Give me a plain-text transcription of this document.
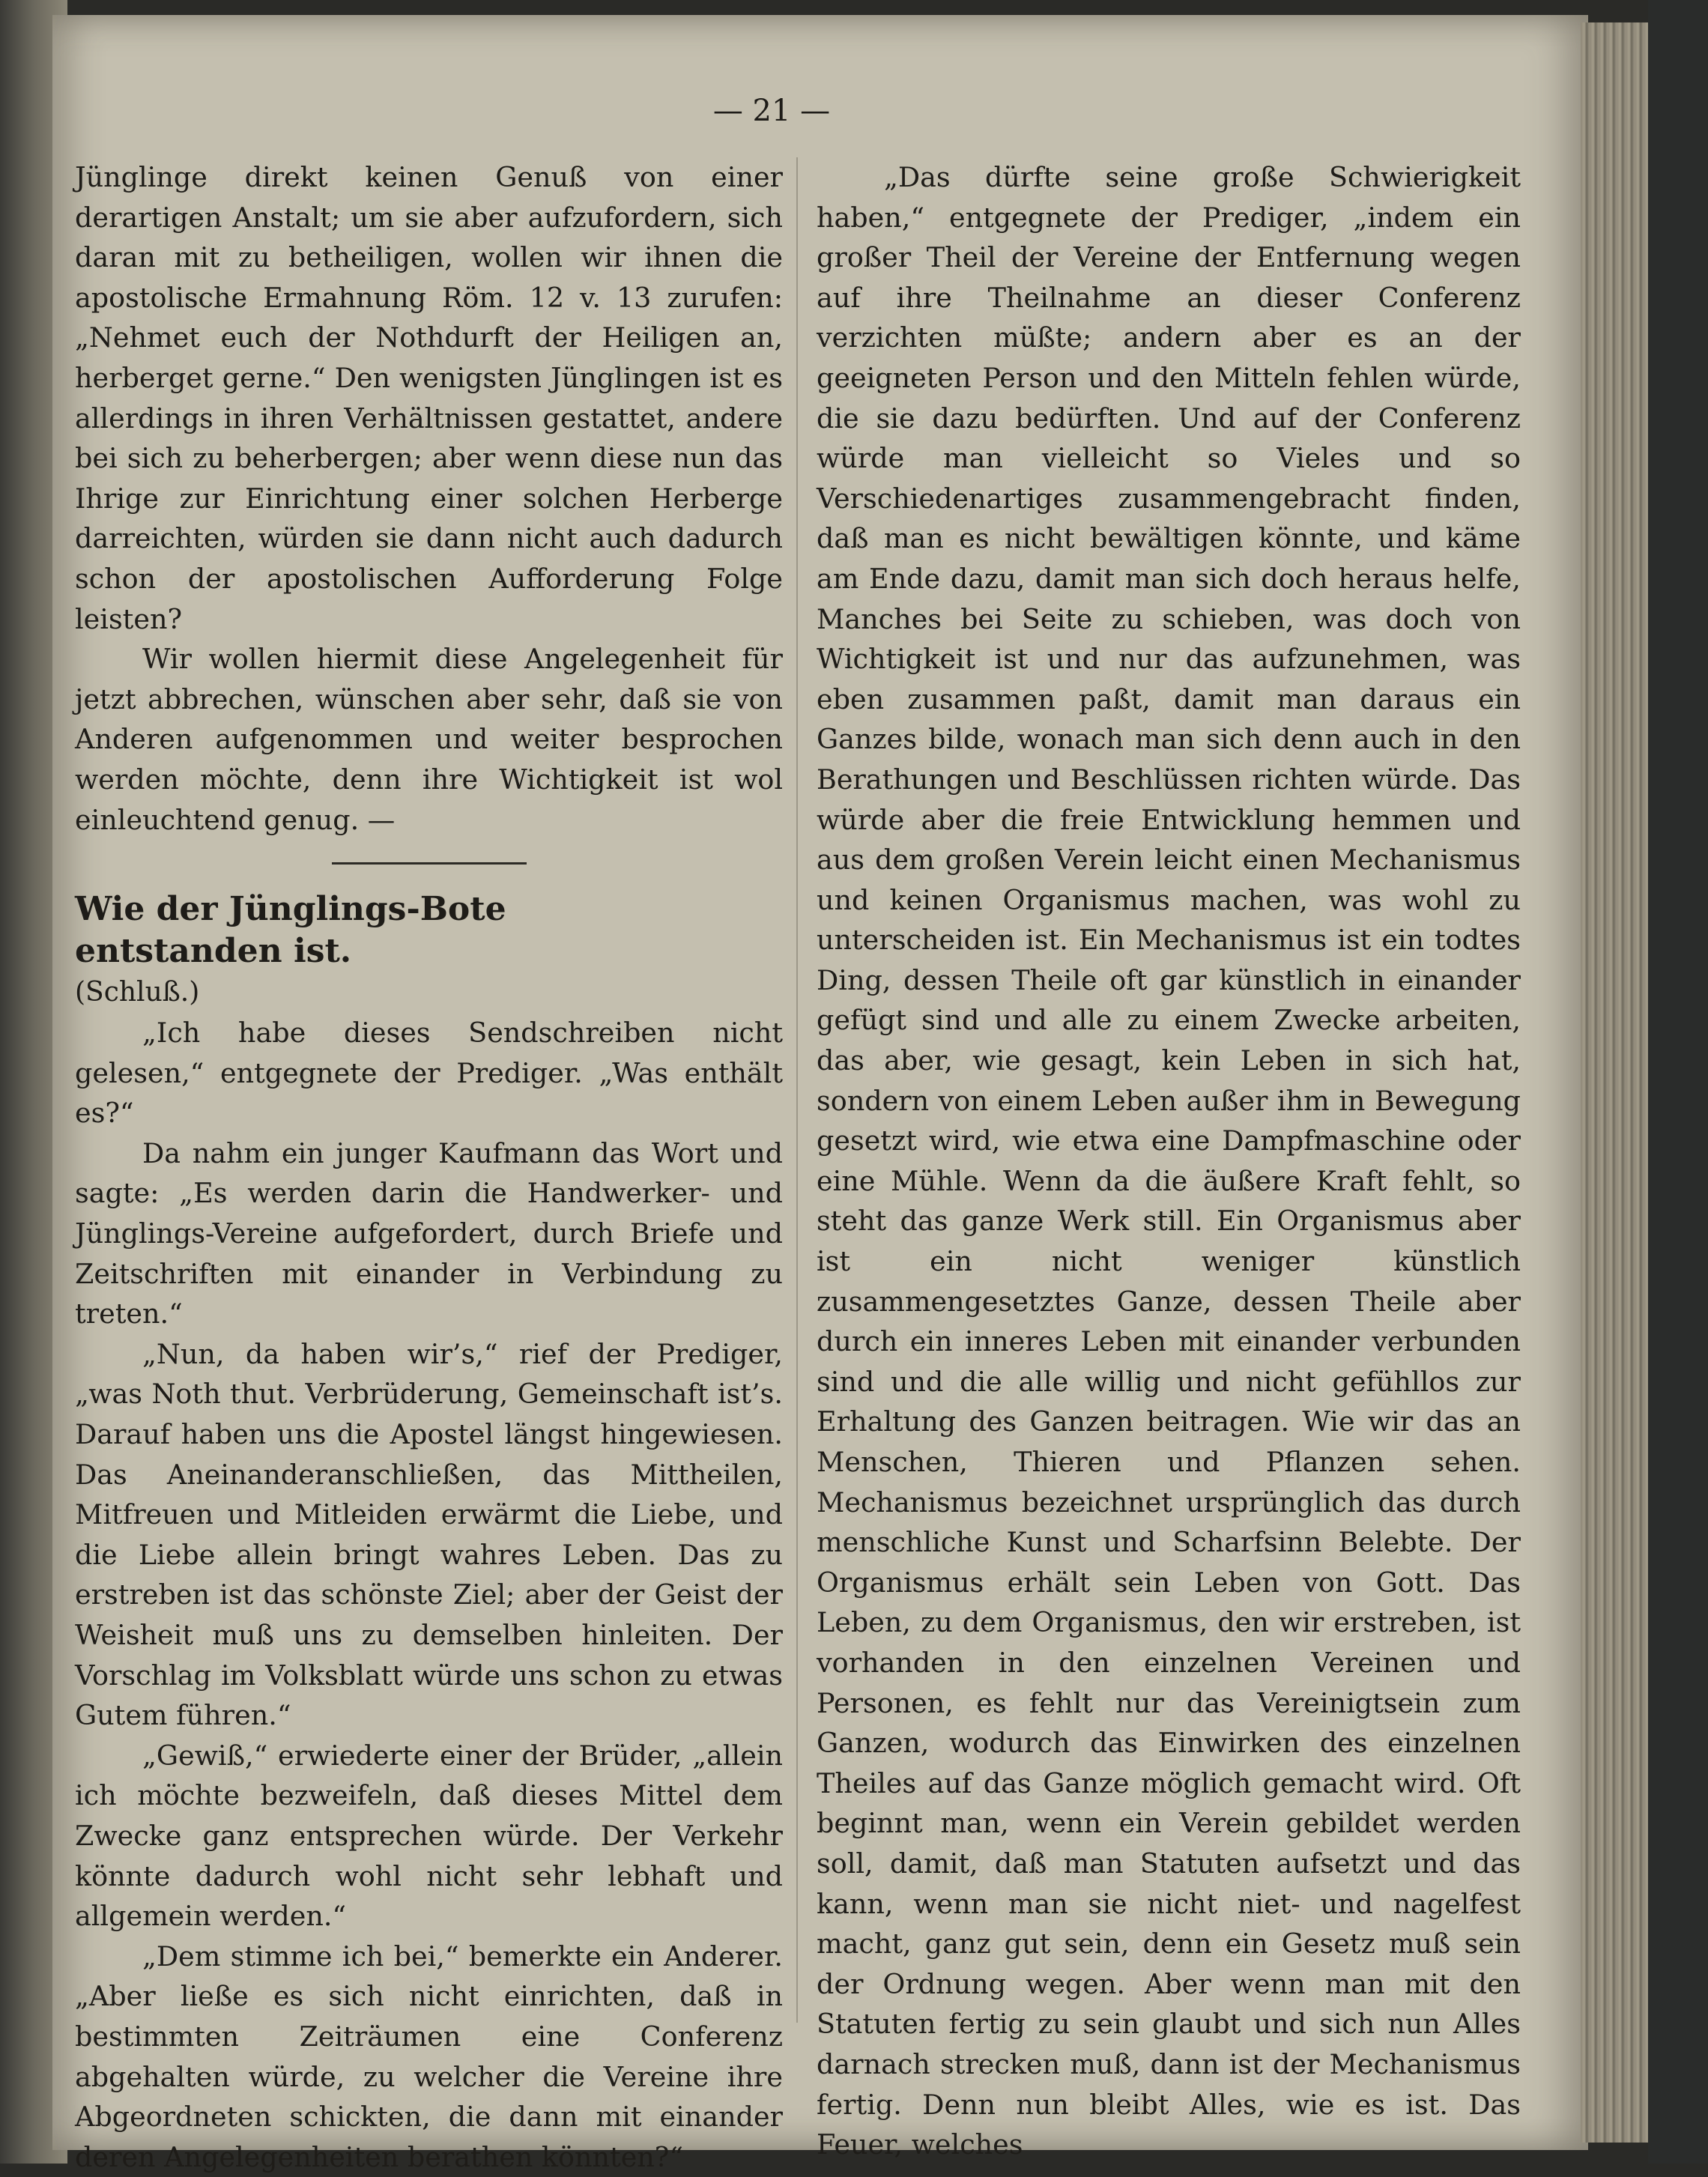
— 21 —

Jünglinge direkt keinen Genuß von einer derartigen Anstalt; um sie aber aufzufordern, sich daran mit zu betheiligen, wollen wir ihnen die apostolische Ermahnung Röm. 12 v. 13 zurufen: „Nehmet euch der Nothdurft der Heiligen an, herberget gerne.“ Den wenigsten Jünglingen ist es allerdings in ihren Verhältnissen gestattet, andere bei sich zu beherbergen; aber wenn diese nun das Ihrige zur Einrichtung einer solchen Herberge darreichten, würden sie dann nicht auch dadurch schon der apostolischen Aufforderung Folge leisten?

Wir wollen hiermit diese Angelegenheit für jetzt abbrechen, wünschen aber sehr, daß sie von Anderen aufgenommen und weiter besprochen werden möchte, denn ihre Wichtigkeit ist wol einleuchtend genug. —

Wie der Jünglings-Bote
entstanden ist.

(Schluß.)

„Ich habe dieses Sendschreiben nicht gelesen,“ entgegnete der Prediger. „Was enthält es?“

Da nahm ein junger Kaufmann das Wort und sagte: „Es werden darin die Handwerker- und Jünglings-Vereine aufgefordert, durch Briefe und Zeitschriften mit einander in Verbindung zu treten.“

„Nun, da haben wir’s,“ rief der Prediger, „was Noth thut. Verbrüderung, Gemeinschaft ist’s. Darauf haben uns die Apostel längst hingewiesen. Das Aneinanderanschließen, das Mittheilen, Mitfreuen und Mitleiden erwärmt die Liebe, und die Liebe allein bringt wahres Leben. Das zu erstreben ist das schönste Ziel; aber der Geist der Weisheit muß uns zu demselben hinleiten. Der Vorschlag im Volksblatt würde uns schon zu etwas Gutem führen.“

„Gewiß,“ erwiederte einer der Brüder, „allein ich möchte bezweifeln, daß dieses Mittel dem Zwecke ganz entsprechen würde. Der Verkehr könnte dadurch wohl nicht sehr lebhaft und allgemein werden.“

„Dem stimme ich bei,“ bemerkte ein Anderer. „Aber ließe es sich nicht einrichten, daß in bestimmten Zeiträumen eine Conferenz abgehalten würde, zu welcher die Vereine ihre Abgeordneten schickten, die dann mit einander deren Angelegenheiten berathen könnten?“

„Das dürfte seine große Schwierigkeit haben,“ entgegnete der Prediger, „indem ein großer Theil der Vereine der Entfernung wegen auf ihre Theilnahme an dieser Conferenz verzichten müßte; andern aber es an der geeigneten Person und den Mitteln fehlen würde, die sie dazu bedürften. Und auf der Conferenz würde man vielleicht so Vieles und so Verschiedenartiges zusammengebracht finden, daß man es nicht bewältigen könnte, und käme am Ende dazu, damit man sich doch heraus helfe, Manches bei Seite zu schieben, was doch von Wichtigkeit ist und nur das aufzunehmen, was eben zusammen paßt, damit man daraus ein Ganzes bilde, wonach man sich denn auch in den Berathungen und Beschlüssen richten würde. Das würde aber die freie Entwicklung hemmen und aus dem großen Verein leicht einen Mechanismus und keinen Organismus machen, was wohl zu unterscheiden ist. Ein Mechanismus ist ein todtes Ding, dessen Theile oft gar künstlich in einander gefügt sind und alle zu einem Zwecke arbeiten, das aber, wie gesagt, kein Leben in sich hat, sondern von einem Leben außer ihm in Bewegung gesetzt wird, wie etwa eine Dampfmaschine oder eine Mühle. Wenn da die äußere Kraft fehlt, so steht das ganze Werk still. Ein Organismus aber ist ein nicht weniger künstlich zusammengesetztes Ganze, dessen Theile aber durch ein inneres Leben mit einander verbunden sind und die alle willig und nicht gefühllos zur Erhaltung des Ganzen beitragen. Wie wir das an Menschen, Thieren und Pflanzen sehen. Mechanismus bezeichnet ursprünglich das durch menschliche Kunst und Scharfsinn Belebte. Der Organismus erhält sein Leben von Gott. Das Leben, zu dem Organismus, den wir erstreben, ist vorhanden in den einzelnen Vereinen und Personen, es fehlt nur das Vereinigtsein zum Ganzen, wodurch das Einwirken des einzelnen Theiles auf das Ganze möglich gemacht wird. Oft beginnt man, wenn ein Verein gebildet werden soll, damit, daß man Statuten aufsetzt und das kann, wenn man sie nicht niet- und nagelfest macht, ganz gut sein, denn ein Gesetz muß sein der Ordnung wegen. Aber wenn man mit den Statuten fertig zu sein glaubt und sich nun Alles darnach strecken muß, dann ist der Mechanismus fertig. Denn nun bleibt Alles, wie es ist. Das Feuer, welches
